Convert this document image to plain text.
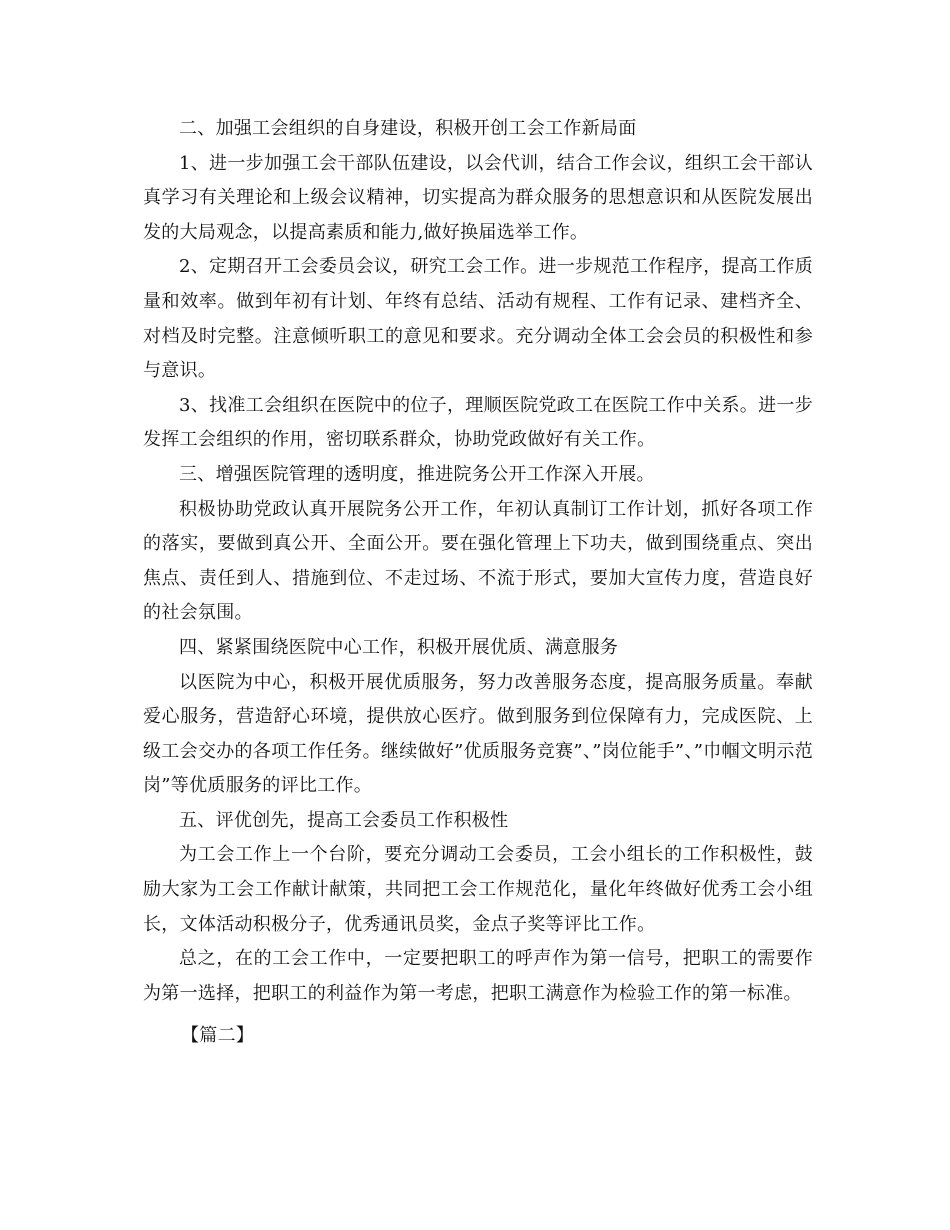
二、加强工会组织的自身建设，积极开创工会工作新局面

1、进一步加强工会干部队伍建设，以会代训，结合工作会议，组织工会干部认真学习有关理论和上级会议精神，切实提高为群众服务的思想意识和从医院发展出发的大局观念，以提高素质和能力,做好换届选举工作。

2、定期召开工会委员会议，研究工会工作。进一步规范工作程序，提高工作质量和效率。做到年初有计划、年终有总结、活动有规程、工作有记录、建档齐全、对档及时完整。注意倾听职工的意见和要求。充分调动全体工会会员的积极性和参与意识。

3、找准工会组织在医院中的位子，理顺医院党政工在医院工作中关系。进一步发挥工会组织的作用，密切联系群众，协助党政做好有关工作。

三、增强医院管理的透明度，推进院务公开工作深入开展。

积极协助党政认真开展院务公开工作，年初认真制订工作计划，抓好各项工作的落实，要做到真公开、全面公开。要在强化管理上下功夫，做到围绕重点、突出焦点、责任到人、措施到位、不走过场、不流于形式，要加大宣传力度，营造良好的社会氛围。

四、紧紧围绕医院中心工作，积极开展优质、满意服务

以医院为中心，积极开展优质服务，努力改善服务态度，提高服务质量。奉献爱心服务，营造舒心环境，提供放心医疗。做到服务到位保障有力，完成医院、上级工会交办的各项工作任务。继续做好”优质服务竞赛”、”岗位能手”、”巾帼文明示范岗”等优质服务的评比工作。

五、评优创先，提高工会委员工作积极性

为工会工作上一个台阶，要充分调动工会委员，工会小组长的工作积极性，鼓励大家为工会工作献计献策，共同把工会工作规范化，量化年终做好优秀工会小组长，文体活动积极分子，优秀通讯员奖，金点子奖等评比工作。

总之，在的工会工作中，一定要把职工的呼声作为第一信号，把职工的需要作为第一选择，把职工的利益作为第一考虑，把职工满意作为检验工作的第一标准。

【篇二】
